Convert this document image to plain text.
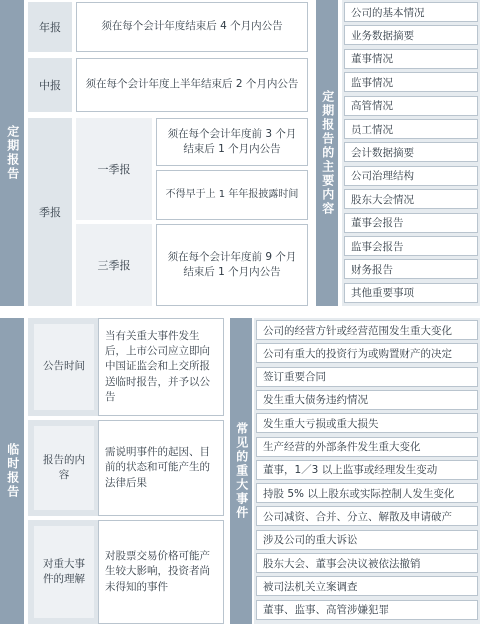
定期报告
年报	须在每个会计年度结束后 4 个月内公告
中报 须在每个会计年度上半年结束后 2 个月内公告
季报
一季报
须在每个会计年度前 3 个月结束后 1 个月内公告
不得早于上 1 年年报披露时间
三季报
须在每个会计年度前 9 个月结束后 1 个月内公告
定期报告的主要内容
公司的基本情况
业务数据摘要
董事情况
监事情况
高管情况
员工情况
会计数据摘要
公司治理结构
股东大会情况
董事会报告
监事会报告
财务报告
其他重要事项
临时报告
公告时间
当有关重大事件发生后，上市公司应立即向中国证监会和上交所报送临时报告，并予以公告
报告的内容
需说明事件的起因、目前的状态和可能产生的法律后果
对重大事件的理解
对股票交易价格可能产生较大影响，投资者尚未得知的事件
常见的重大事件
公司的经营方针或经营范围发生重大变化
公司有重大的投资行为或购置财产的决定
签订重要合同
发生重大债务违约情况
发生重大亏损或重大损失
生产经营的外部条件发生重大变化
董事，1／3 以上监事或经理发生变动
持股 5% 以上股东或实际控制人发生变化
公司减资、合并、分立、解散及申请破产
涉及公司的重大诉讼
股东大会、董事会决议被依法撤销
被司法机关立案调查
董事、监事、高管涉嫌犯罪
